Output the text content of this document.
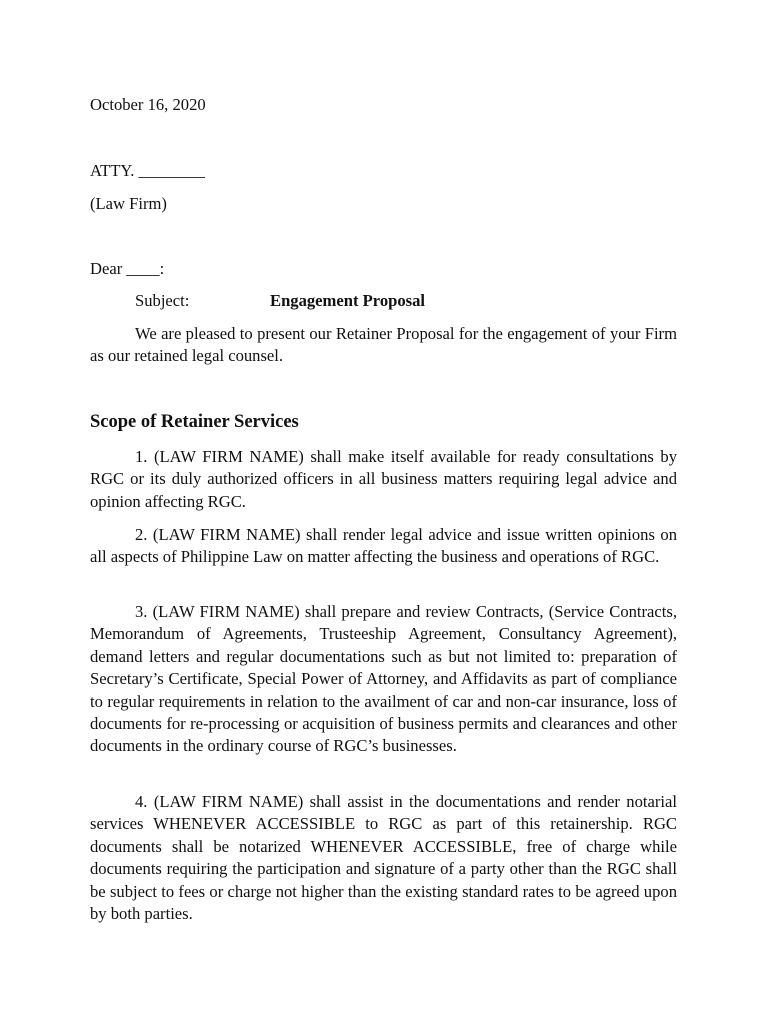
October 16, 2020
ATTY. ________
(Law Firm)
Dear ____:
Subject:	Engagement Proposal

We are pleased to present our Retainer Proposal for the engagement of your Firm as our retained legal counsel.

Scope of Retainer Services

1. (LAW FIRM NAME) shall make itself available for ready consultations by RGC or its duly authorized officers in all business matters requiring legal advice and opinion affecting RGC.

2. (LAW FIRM NAME) shall render legal advice and issue written opinions on all aspects of Philippine Law on matter affecting the business and operations of RGC.

3. (LAW FIRM NAME) shall prepare and review Contracts, (Service Contracts, Memorandum of Agreements, Trusteeship Agreement, Consultancy Agreement), demand letters and regular documentations such as but not limited to: preparation of Secretary’s Certificate, Special Power of Attorney, and Affidavits as part of compliance to regular requirements in relation to the availment of car and non-car insurance, loss of documents for re-processing or acquisition of business permits and clearances and other documents in the ordinary course of RGC’s businesses.

4. (LAW FIRM NAME) shall assist in the documentations and render notarial services WHENEVER ACCESSIBLE to RGC as part of this retainership. RGC documents shall be notarized WHENEVER ACCESSIBLE, free of charge while documents requiring the participation and signature of a party other than the RGC shall be subject to fees or charge not higher than the existing standard rates to be agreed upon by both parties.
